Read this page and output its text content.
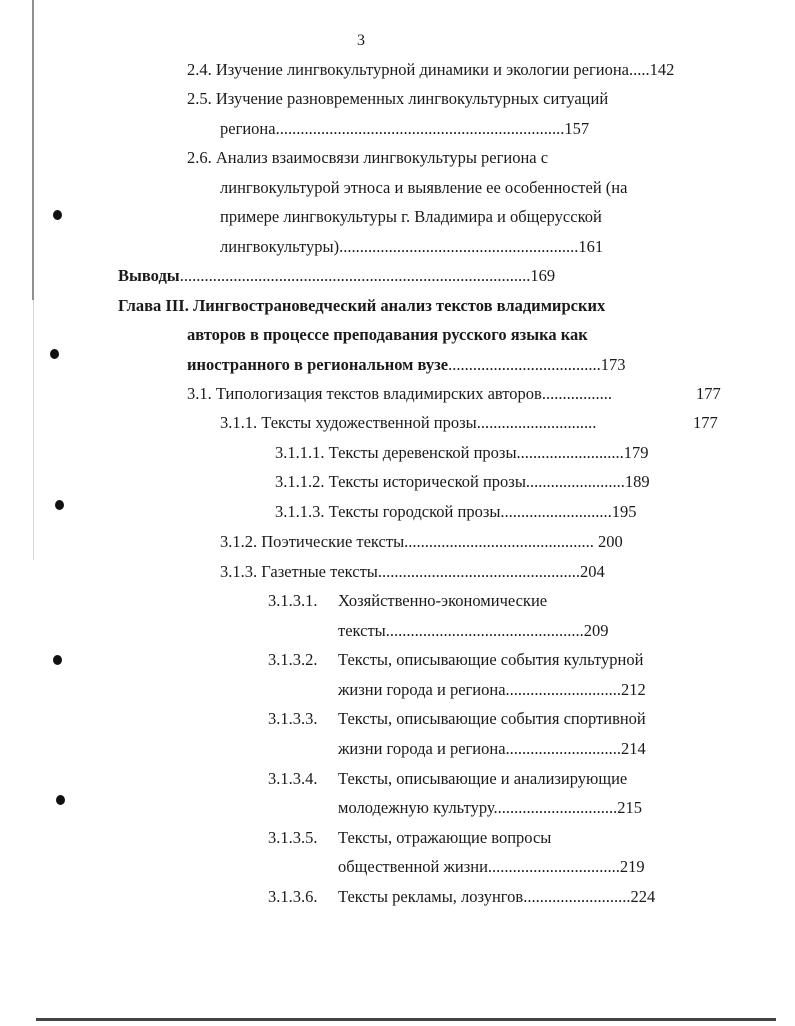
3
2.4. Изучение лингвокультурной динамики и экологии региона.....142
2.5. Изучение разновременных лингвокультурных ситуаций
региона......................................................................157
2.6. Анализ взаимосвязи лингвокультуры региона с
лингвокультурой этноса и выявление ее особенностей (на
примере лингвокультуры г. Владимира и общерусской
лингвокультуры)..........................................................161
Выводы.....................................................................................169
Глава III. Лингвострановедческий анализ текстов владимирских
авторов в процессе преподавания русского языка как
иностранного в региональном вузе.....................................173
3.1. Типологизация текстов владимирских авторов.................	177
3.1.1. Тексты художественной прозы.............................	177
3.1.1.1. Тексты деревенской прозы..........................179
3.1.1.2. Тексты исторической прозы........................189
3.1.1.3. Тексты городской прозы...........................195
3.1.2. Поэтические тексты.............................................. 200
3.1.3. Газетные тексты.................................................204
3.1.3.1. Хозяйственно-экономические
тексты................................................209
3.1.3.2. Тексты, описывающие события культурной
жизни города и региона............................212
3.1.3.3. Тексты, описывающие события спортивной
жизни города и региона............................214
3.1.3.4. Тексты, описывающие и анализирующие
молодежную культуру..............................215
3.1.3.5. Тексты, отражающие вопросы
общественной жизни................................219
3.1.3.6. Тексты рекламы, лозунгов..........................224
